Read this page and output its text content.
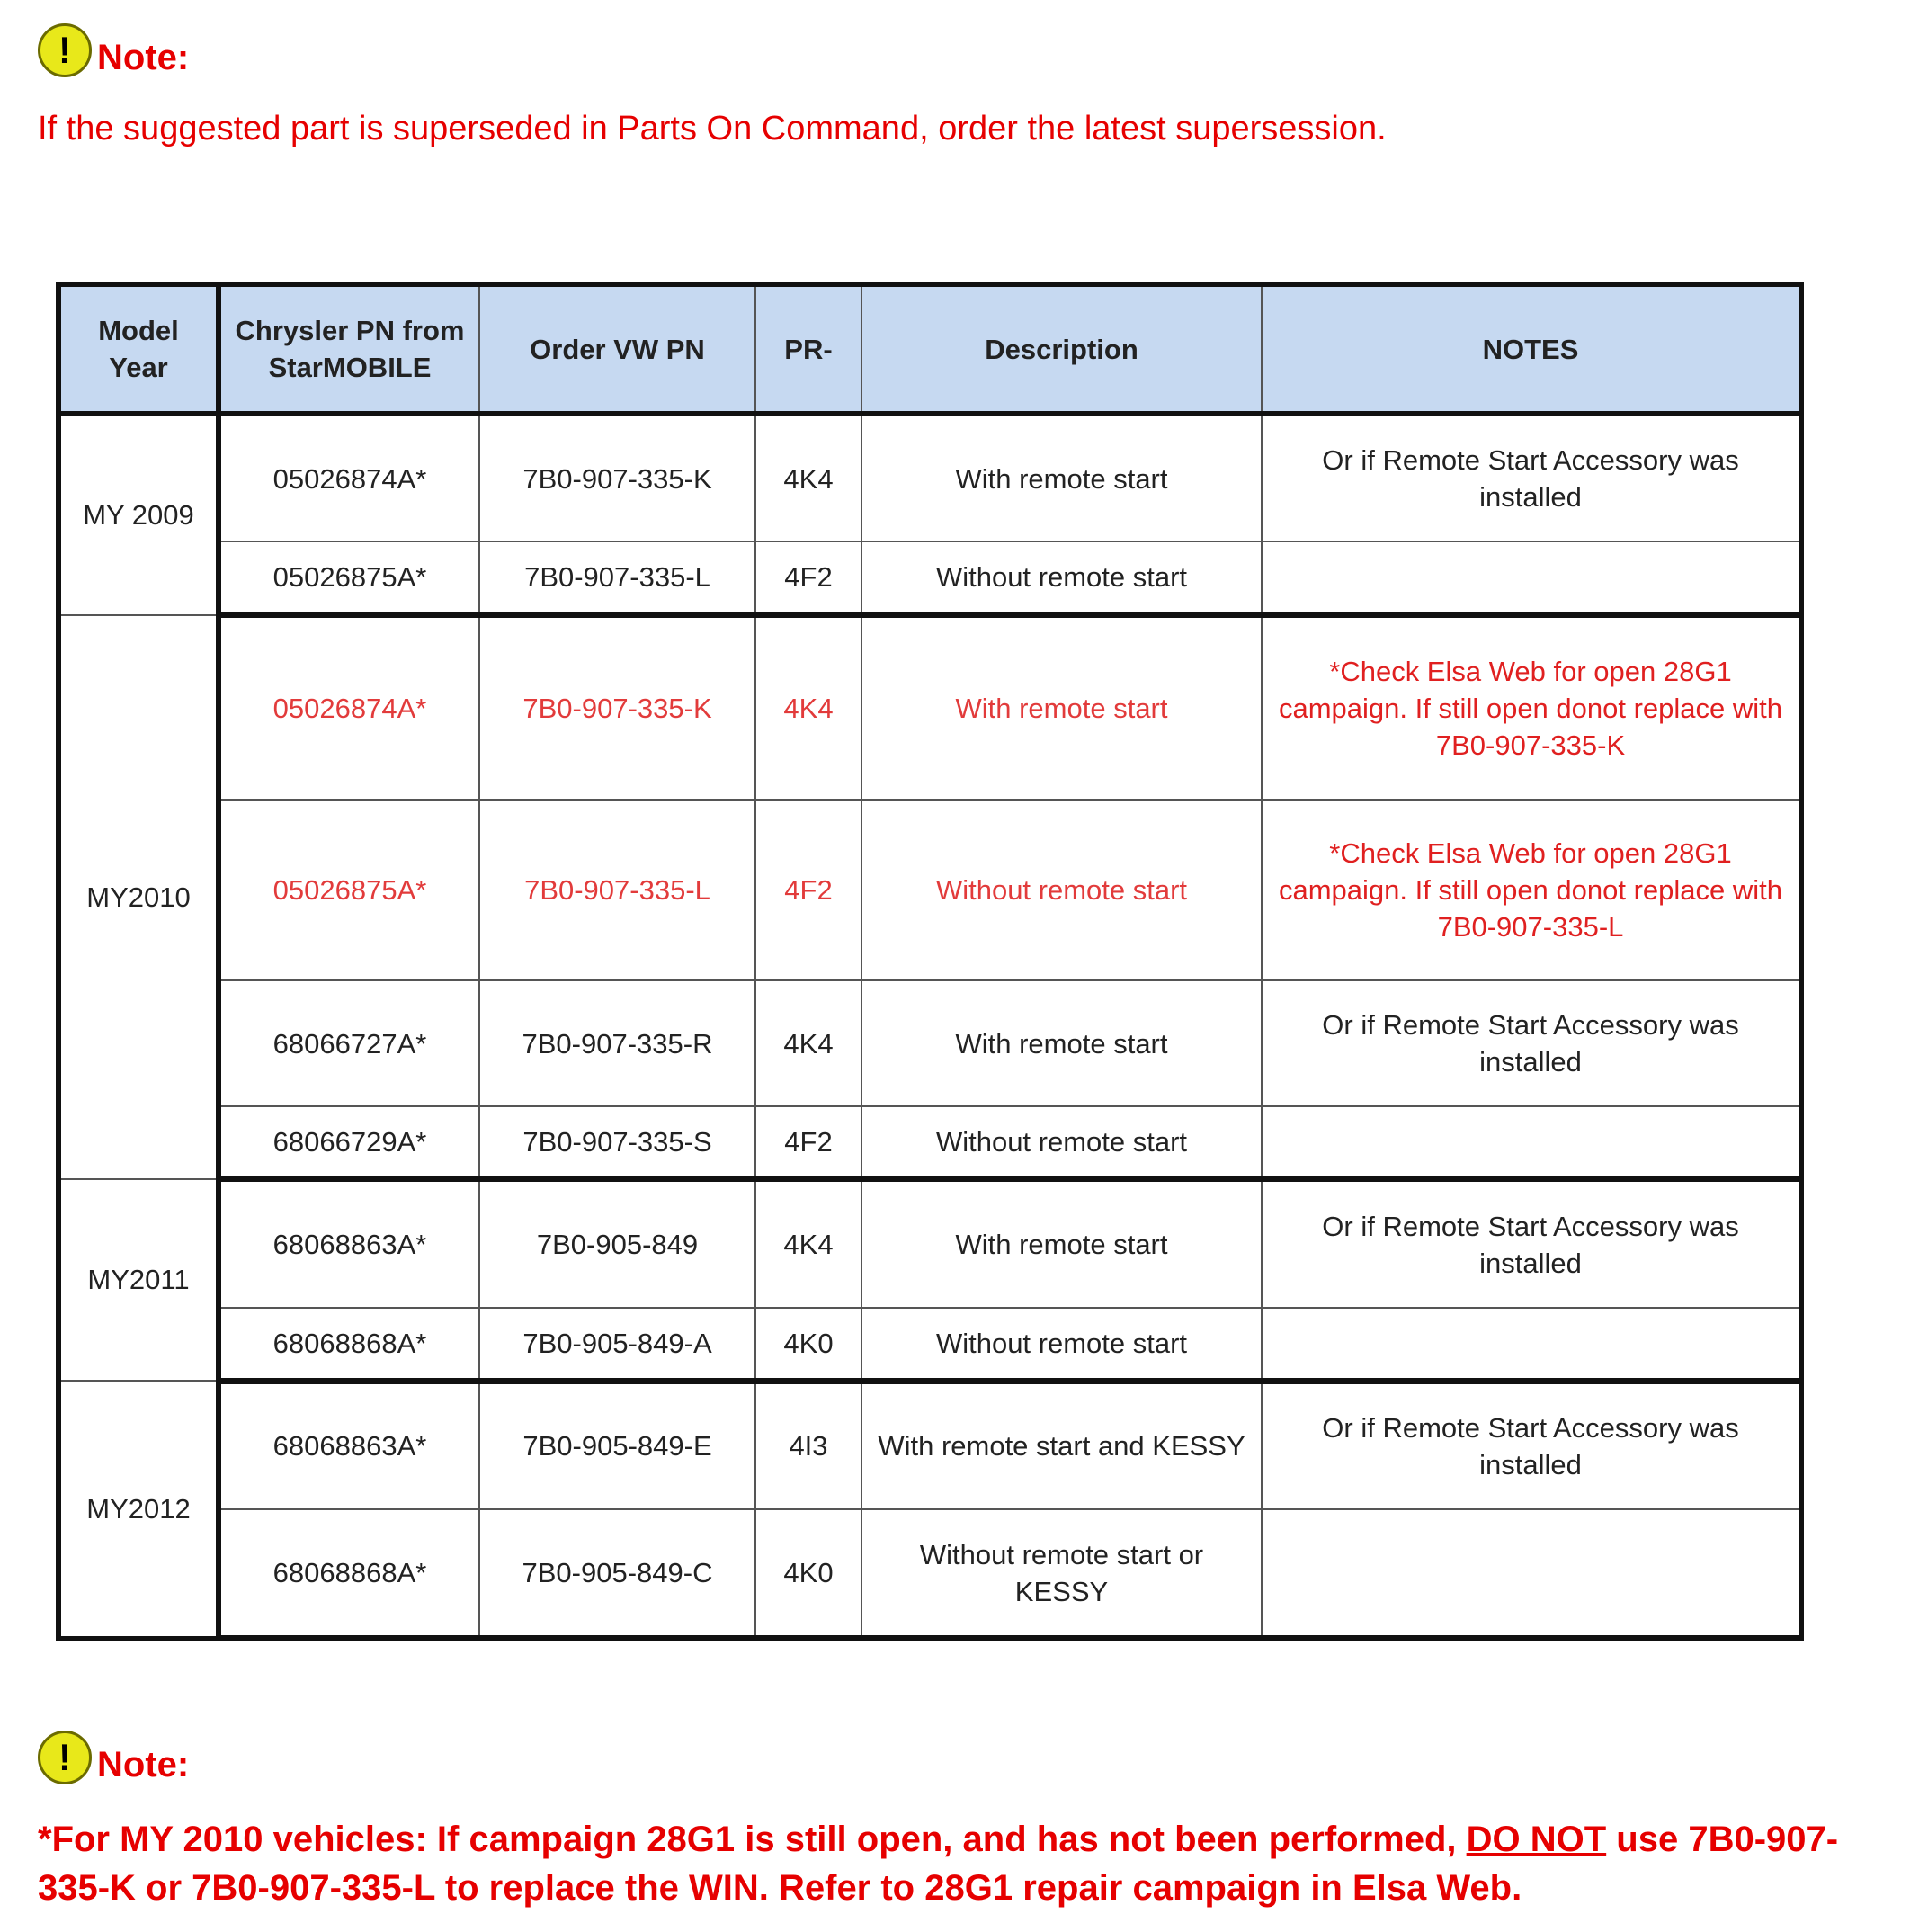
! Note:
If the suggested part is superseded in Parts On Command, order the latest supersession.
Model Year	Chrysler PN from StarMOBILE	Order VW PN	PR-	Description	NOTES
MY 2009	05026874A*	7B0-907-335-K	4K4	With remote start	Or if Remote Start Accessory was installed
	05026875A*	7B0-907-335-L	4F2	Without remote start	
MY2010	05026874A*	7B0-907-335-K	4K4	With remote start	*Check Elsa Web for open 28G1 campaign. If still open donot replace with 7B0-907-335-K
	05026875A*	7B0-907-335-L	4F2	Without remote start	*Check Elsa Web for open 28G1 campaign. If still open donot replace with 7B0-907-335-L
	68066727A*	7B0-907-335-R	4K4	With remote start	Or if Remote Start Accessory was installed
	68066729A*	7B0-907-335-S	4F2	Without remote start	
MY2011	68068863A*	7B0-905-849	4K4	With remote start	Or if Remote Start Accessory was installed
	68068868A*	7B0-905-849-A	4K0	Without remote start	
MY2012	68068863A*	7B0-905-849-E	4I3	With remote start and KESSY	Or if Remote Start Accessory was installed
	68068868A*	7B0-905-849-C	4K0	Without remote start or KESSY	
! Note:
*For MY 2010 vehicles: If campaign 28G1 is still open, and has not been performed, DO NOT use 7B0-907-335-K or 7B0-907-335-L to replace the WIN. Refer to 28G1 repair campaign in Elsa Web.
